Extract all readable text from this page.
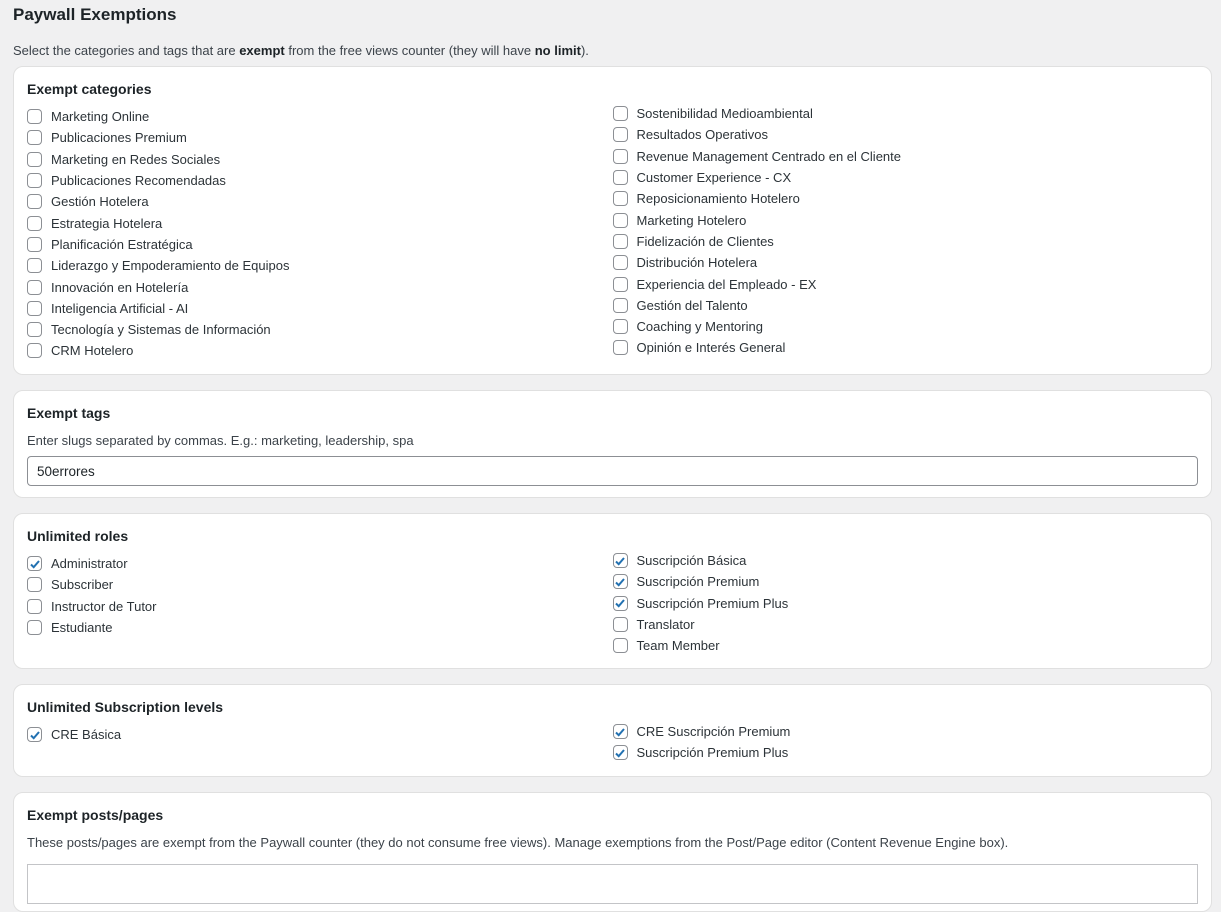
Paywall Exemptions

Select the categories and tags that are exempt from the free views counter (they will have no limit).

Exempt categories
Marketing Online
Publicaciones Premium
Marketing en Redes Sociales
Publicaciones Recomendadas
Gestión Hotelera
Estrategia Hotelera
Planificación Estratégica
Liderazgo y Empoderamiento de Equipos
Innovación en Hotelería
Inteligencia Artificial - AI
Tecnología y Sistemas de Información
CRM Hotelero
Sostenibilidad Medioambiental
Resultados Operativos
Revenue Management Centrado en el Cliente
Customer Experience - CX
Reposicionamiento Hotelero
Marketing Hotelero
Fidelización de Clientes
Distribución Hotelera
Experiencia del Empleado - EX
Gestión del Talento
Coaching y Mentoring
Opinión e Interés General
Exempt tags
Enter slugs separated by commas. E.g.: marketing, leadership, spa
50errores
Unlimited roles
Administrator
Subscriber
Instructor de Tutor
Estudiante
Suscripción Básica
Suscripción Premium
Suscripción Premium Plus
Translator
Team Member
Unlimited Subscription levels
CRE Básica	CRE Suscripción Premium
Suscripción Premium Plus
Exempt posts/pages
These posts/pages are exempt from the Paywall counter (they do not consume free views). Manage exemptions from the Post/Page editor (Content Revenue Engine box).
